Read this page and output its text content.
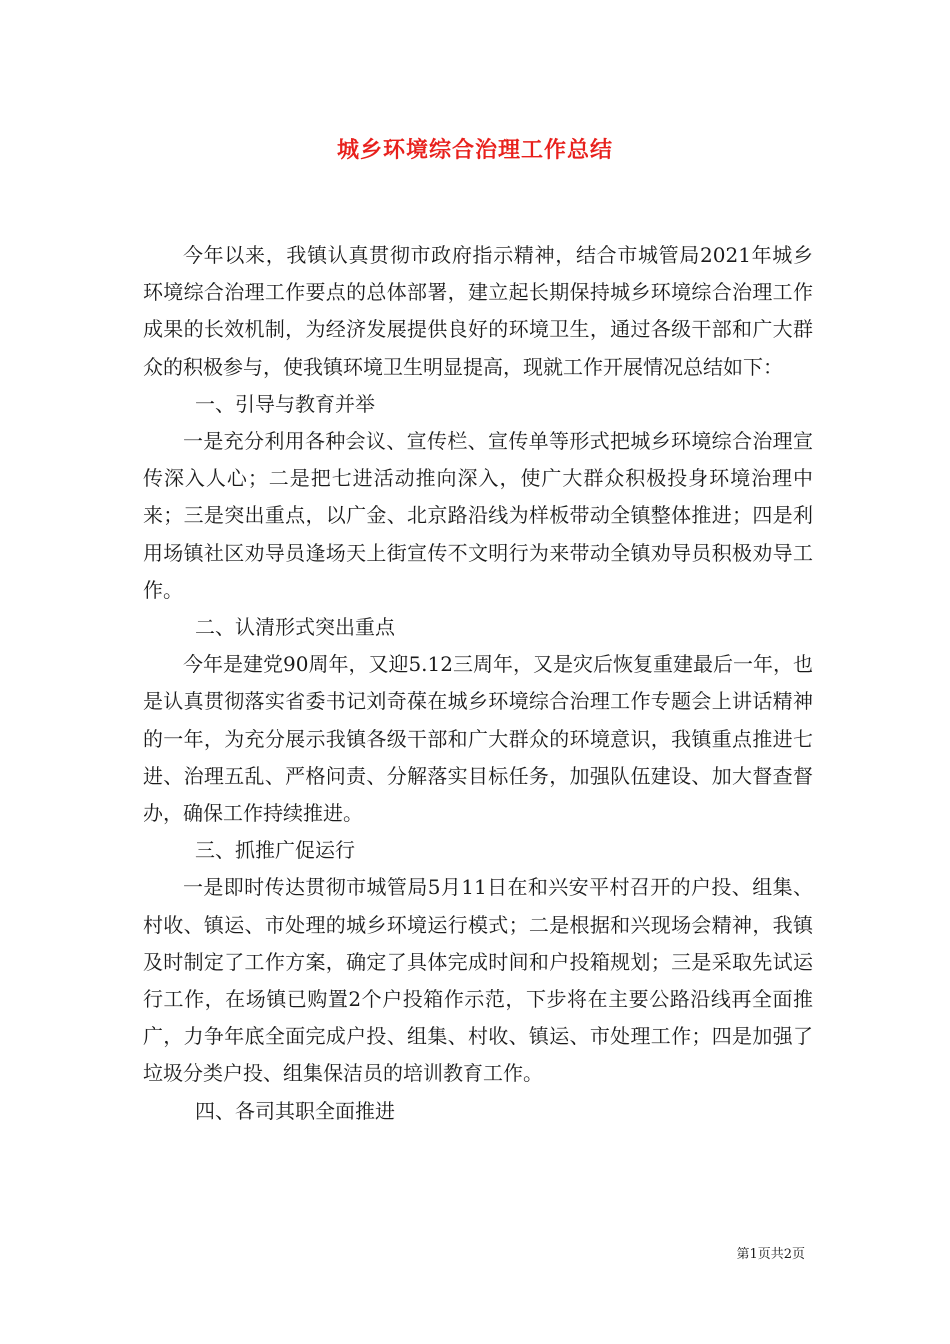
城乡环境综合治理工作总结

今年以来，我镇认真贯彻市政府指示精神，结合市城管局2021年城乡环境综合治理工作要点的总体部署，建立起长期保持城乡环境综合治理工作成果的长效机制，为经济发展提供良好的环境卫生，通过各级干部和广大群众的积极参与，使我镇环境卫生明显提高，现就工作开展情况总结如下：

一、引导与教育并举

一是充分利用各种会议、宣传栏、宣传单等形式把城乡环境综合治理宣传深入人心；二是把七进活动推向深入，使广大群众积极投身环境治理中来；三是突出重点，以广金、北京路沿线为样板带动全镇整体推进；四是利用场镇社区劝导员逢场天上街宣传不文明行为来带动全镇劝导员积极劝导工作。

二、认清形式突出重点

今年是建党90周年，又迎5.12三周年，又是灾后恢复重建最后一年，也是认真贯彻落实省委书记刘奇葆在城乡环境综合治理工作专题会上讲话精神的一年，为充分展示我镇各级干部和广大群众的环境意识，我镇重点推进七进、治理五乱、严格问责、分解落实目标任务，加强队伍建设、加大督查督办，确保工作持续推进。

三、抓推广促运行

一是即时传达贯彻市城管局5月11日在和兴安平村召开的户投、组集、村收、镇运、市处理的城乡环境运行模式；二是根据和兴现场会精神，我镇及时制定了工作方案，确定了具体完成时间和户投箱规划；三是采取先试运行工作，在场镇已购置2个户投箱作示范，下步将在主要公路沿线再全面推广，力争年底全面完成户投、组集、村收、镇运、市处理工作；四是加强了垃圾分类户投、组集保洁员的培训教育工作。

四、各司其职全面推进

第1页共2页
